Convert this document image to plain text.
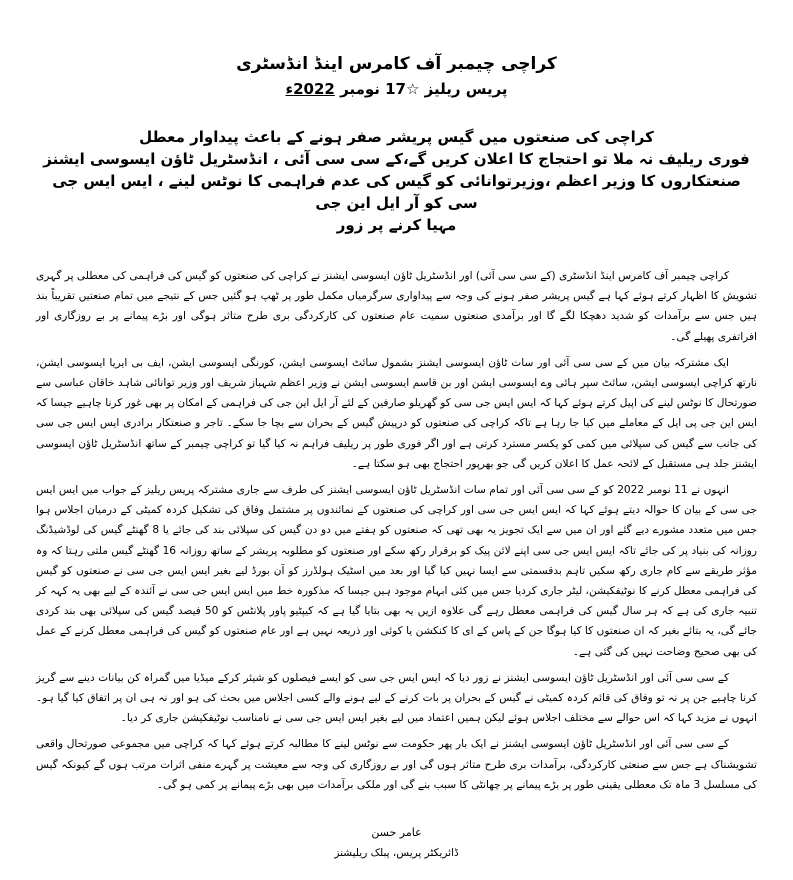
کراچی چیمبر آف کامرس اینڈ انڈسٹری
پریس ریلیز ☆17 نومبر 2022ء
کراچی کی صنعتوں میں گیس پریشر صفر ہونے کے باعث پیداوار معطل
فوری ریلیف نہ ملا تو احتجاج کا اعلان کریں گے،کے سی سی آئی ، انڈسٹریل ٹاؤن ایسوسی ایشنز
صنعتکاروں کا وزیر اعظم ،وزیرتوانائی کو گیس کی عدم فراہمی کا نوٹس لینے ، ایس ایس جی سی کو آر ایل این جی
مہیا کرنے پر زور

کراچی چیمبر آف کامرس اینڈ انڈسٹری (کے سی سی آئی) اور انڈسٹریل ٹاؤن ایسوسی ایشنز نے کراچی کی صنعتوں کو گیس کی فراہمی کی معطلی پر گہری تشویش کا اظہار کرتے ہوئے کہا ہے گیس پریشر صفر ہونے کی وجہ سے پیداواری سرگرمیاں مکمل طور پر ٹھپ ہو گئیں جس کے نتیجے میں تمام صنعتیں تقریباً بند ہیں جس سے برآمدات کو شدید دھچکا لگے گا اور برآمدی صنعتوں سمیت عام صنعتوں کی کارکردگی بری طرح متاثر ہوگی اور بڑے پیمانے پر بے روزگاری اور افراتفری پھیلے گی۔

ایک مشترکہ بیان میں کے سی سی آئی اور سات ٹاؤن ایسوسی ایشنز بشمول سائٹ ایسوسی ایشن، کورنگی ایسوسی ایشن، ایف بی ایریا ایسوسی ایشن، نارتھ کراچی ایسوسی ایشن، سائٹ سپر ہائی وے ایسوسی ایشن اور بن قاسم ایسوسی ایشن نے وزیر اعظم شہباز شریف اور وزیر توانائی شاہد خاقان عباسی سے صورتحال کا نوٹس لینے کی اپیل کرتے ہوئے کہا کہ ایس ایس جی سی کو گھریلو صارفین کے لئے آر ایل این جی کی فراہمی کے امکان پر بھی غور کرنا چاہیے جیسا کہ ایس این جی پی ایل کے معاملے میں کیا جا رہا ہے تاکہ کراچی کی صنعتوں کو درپیش گیس کے بحران سے بچا جا سکے۔ تاجر و صنعتکار برادری ایس ایس جی سی کی جانب سے گیس کی سپلائی میں کمی کو یکسر مسترد کرتی ہے اور اگر فوری طور پر ریلیف فراہم نہ کیا گیا تو کراچی چیمبر کے ساتھ انڈسٹریل ٹاؤن ایسوسی ایشنز جلد ہی مستقبل کے لائحہ عمل کا اعلان کریں گی جو بھرپور احتجاج بھی ہو سکتا ہے۔

انہوں نے 11 نومبر 2022 کو کے سی سی آئی اور تمام سات انڈسٹریل ٹاؤن ایسوسی ایشنز کی طرف سے جاری مشترکہ پریس ریلیز کے جواب میں ایس ایس جی سی کے بیان کا حوالہ دیتے ہوئے کہا کہ ایس ایس جی سی اور کراچی کی صنعتوں کے نمائندوں پر مشتمل وفاق کی تشکیل کردہ کمیٹی کے درمیان اجلاس ہوا جس میں متعدد مشورے دیے گئے اور ان میں سے ایک تجویز یہ بھی تھی کہ صنعتوں کو ہفتے میں دو دن گیس کی سپلائی بند کی جائے یا 8 گھنٹے گیس کی لوڈشیڈنگ روزانہ کی بنیاد پر کی جائے تاکہ ایس ایس جی سی اپنے لائن پیک کو برقرار رکھ سکے اور صنعتوں کو مطلوبہ پریشر کے ساتھ روزانہ 16 گھنٹے گیس ملتی رہتا کہ وہ مؤثر طریقے سے کام جاری رکھ سکیں تاہم بدقسمتی سے ایسا نہیں کیا گیا اور بعد میں اسٹیک ہولڈرز کو آن بورڈ لیے بغیر ایس ایس جی سی نے صنعتوں کو گیس کی فراہمی معطل کرنے کا نوٹیفکیشن، لیٹر جاری کردیا جس میں کئی ابہام موجود ہیں جیسا کہ مذکورہ خط میں ایس ایس جی سی نے آئندہ کے لیے بھی یہ کہہ کر تنبیہ جاری کی ہے کہ ہر سال گیس کی فراہمی معطل رہے گی علاوہ ازیں یہ بھی بتایا گیا ہے کہ کیپٹیو پاور پلانٹس کو 50 فیصد گیس کی سپلائی بھی بند کردی جائے گی، یہ بتائے بغیر کہ ان صنعتوں کا کیا ہوگا جن کے پاس کے ای کا کنکشن یا کوئی اور ذریعہ نہیں ہے اور عام صنعتوں کو گیس کی فراہمی معطل کرنے کے عمل کی بھی صحیح وضاحت نہیں کی گئی ہے۔

کے سی سی آئی اور انڈسٹریل ٹاؤن ایسوسی ایشنز نے زور دیا کہ ایس ایس جی سی کو ایسے فیصلوں کو شیئر کرکے میڈیا میں گمراہ کن بیانات دینے سے گریز کرنا چاہیے جن پر نہ تو وفاق کی قائم کردہ کمیٹی نے گیس کے بحران پر بات کرنے کے لیے ہونے والے کسی اجلاس میں بحث کی ہو اور نہ ہی ان پر اتفاق کیا گیا ہو۔ انہوں نے مزید کہا کہ اس حوالے سے مختلف اجلاس ہوئے لیکن ہمیں اعتماد میں لیے بغیر ایس ایس جی سی نے نامناسب نوٹیفکیشن جاری کر دیا۔

کے سی سی آئی اور انڈسٹریل ٹاؤن ایسوسی ایشنز نے ایک بار پھر حکومت سے نوٹس لینے کا مطالبہ کرتے ہوئے کہا کہ کراچی میں مجموعی صورتحال واقعی تشویشناک ہے جس سے صنعتی کارکردگی، برآمدات بری طرح متاثر ہوں گی اور بے روزگاری کی وجہ سے معیشت پر گہرے منفی اثرات مرتب ہوں گے کیونکہ گیس کی مسلسل 3 ماہ تک معطلی یقینی طور پر بڑے پیمانے پر چھانٹی کا سبب بنے گی اور ملکی برآمدات میں بھی بڑے پیمانے پر کمی ہو گی۔

عامر حسن
ڈائریکٹر پریس، پبلک ریلیشنز
